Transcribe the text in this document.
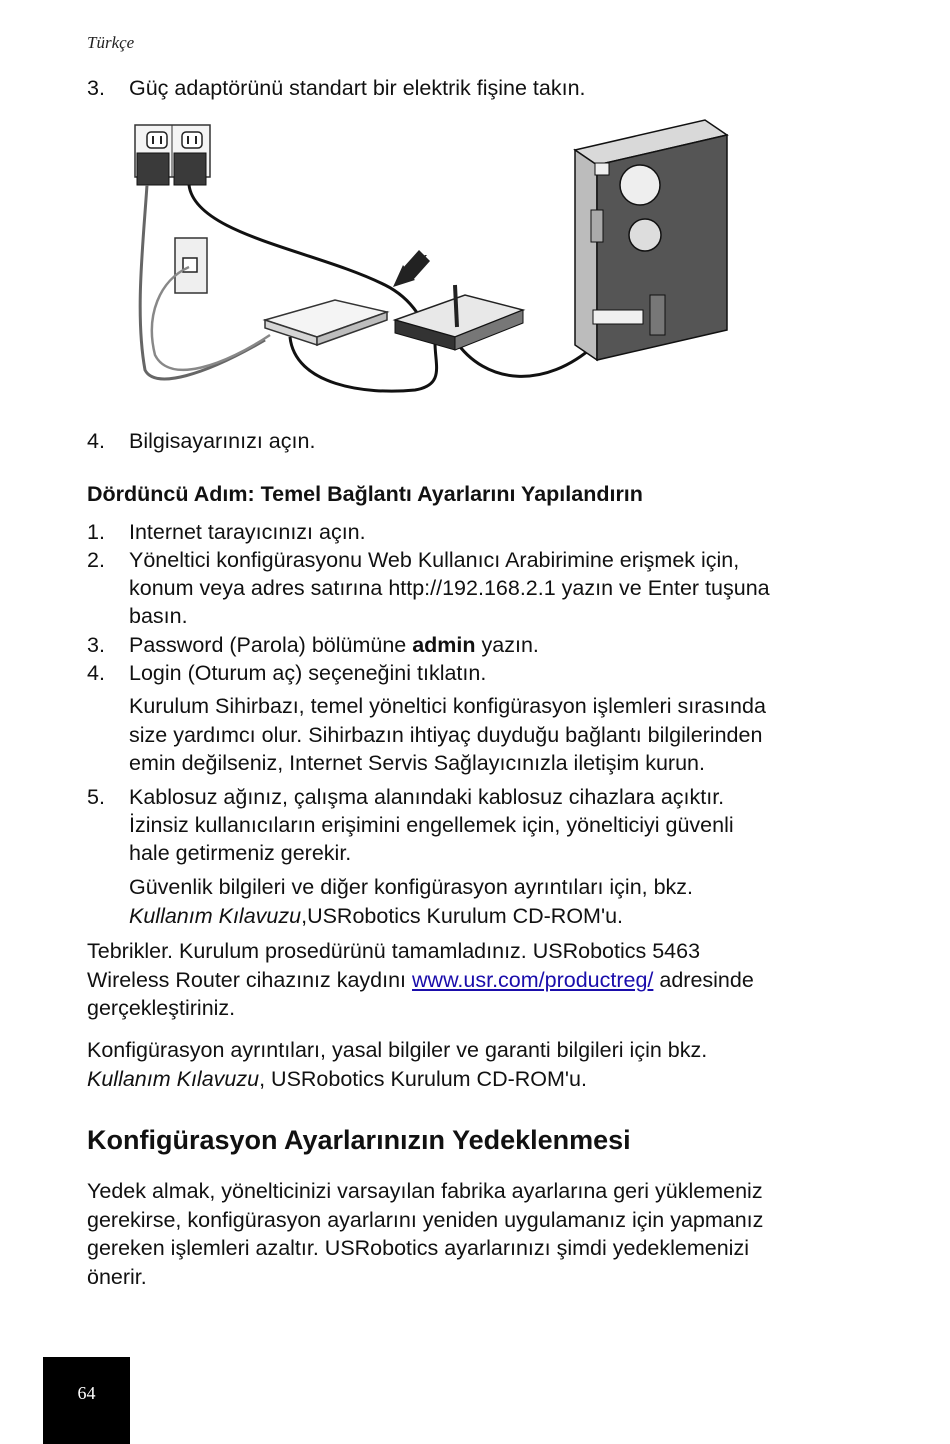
Türkçe
3.	Güç adaptörünü standart bir elektrik fişine takın.
4.	Bilgisayarınızı açın.
Dördüncü Adım: Temel Bağlantı Ayarlarını Yapılandırın
1.	Internet tarayıcınızı açın.
2.	Yöneltici konfigürasyonu Web Kullanıcı Arabirimine erişmek için,
konum veya adres satırına http://192.168.2.1 yazın ve Enter tuşuna
basın.
3.	Password (Parola) bölümüne admin yazın.
4.	Login (Oturum aç) seçeneğini tıklatın.
Kurulum Sihirbazı, temel yöneltici konfigürasyon işlemleri sırasında
size yardımcı olur. Sihirbazın ihtiyaç duyduğu bağlantı bilgilerinden
emin değilseniz, Internet Servis Sağlayıcınızla iletişim kurun.
5.	Kablosuz ağınız, çalışma alanındaki kablosuz cihazlara açıktır.
İzinsiz kullanıcıların erişimini engellemek için, yönelticiyi güvenli
hale getirmeniz gerekir.
Güvenlik bilgileri ve diğer konfigürasyon ayrıntıları için, bkz.
Kullanım Kılavuzu,USRobotics Kurulum CD-ROM'u.
Tebrikler. Kurulum prosedürünü tamamladınız. USRobotics 5463
Wireless Router cihazınız kaydını www.usr.com/productreg/ adresinde
gerçekleştiriniz.
Konfigürasyon ayrıntıları, yasal bilgiler ve garanti bilgileri için bkz.
Kullanım Kılavuzu, USRobotics Kurulum CD-ROM'u.
Konfigürasyon Ayarlarınızın Yedeklenmesi
Yedek almak, yönelticinizi varsayılan fabrika ayarlarına geri yüklemeniz
gerekirse, konfigürasyon ayarlarını yeniden uygulamanız için yapmanız
gereken işlemleri azaltır. USRobotics ayarlarınızı şimdi yedeklemenizi
önerir.
64
